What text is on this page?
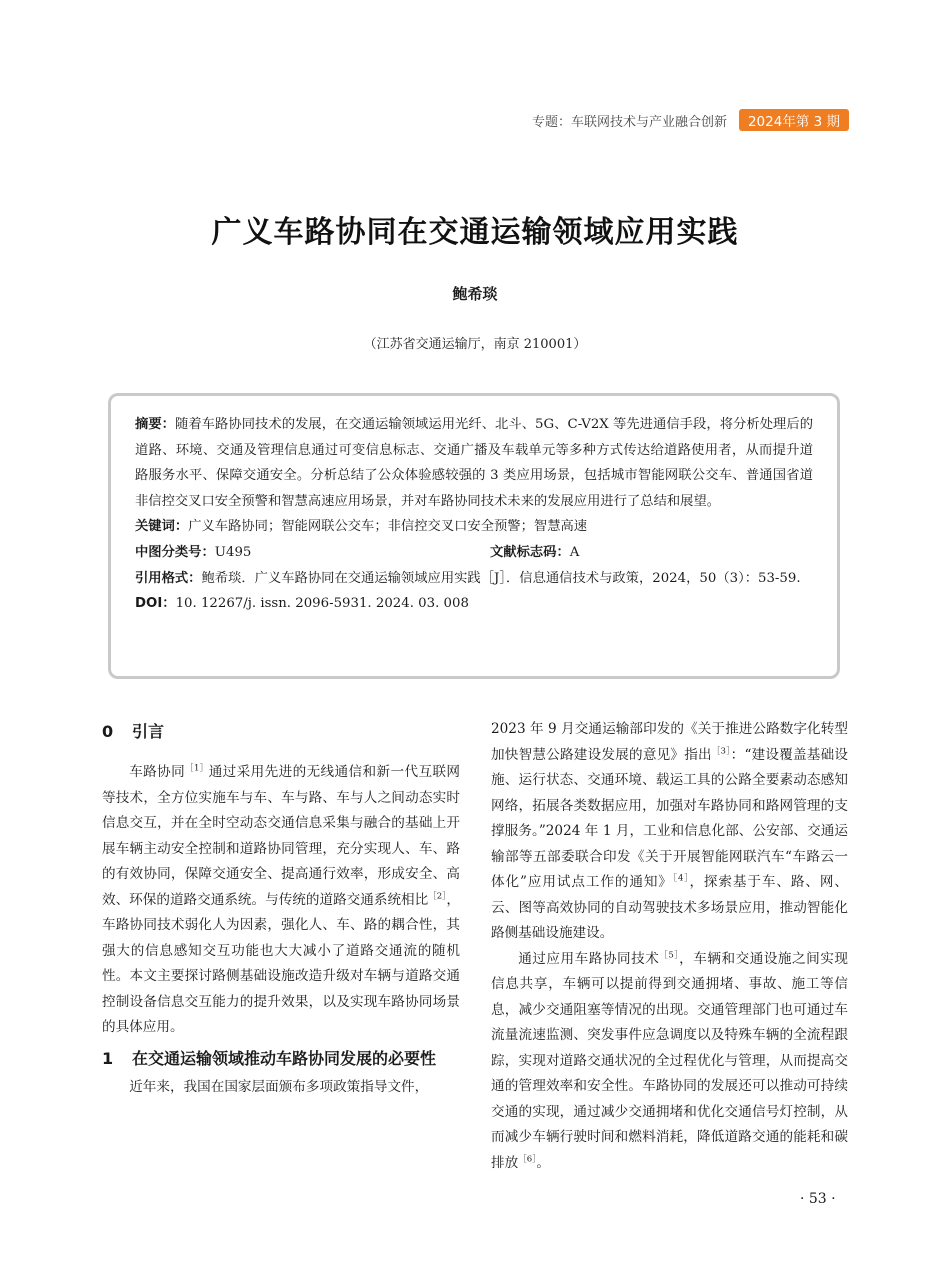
专题：车联网技术与产业融合创新	2024年第 3 期
广义车路协同在交通运输领域应用实践
鲍希琰
（江苏省交通运输厅，南京 210001）

摘要：随着车路协同技术的发展，在交通运输领域运用光纤、北斗、5G、C-V2X 等先进通信手段，将分析处理后的道路、环境、交通及管理信息通过可变信息标志、交通广播及车载单元等多种方式传达给道路使用者，从而提升道路服务水平、保障交通安全。分析总结了公众体验感较强的 3 类应用场景，包括城市智能网联公交车、普通国省道非信控交叉口安全预警和智慧高速应用场景，并对车路协同技术未来的发展应用进行了总结和展望。

关键词：广义车路协同；智能网联公交车；非信控交叉口安全预警；智慧高速

中图分类号：U495	文献标志码：A

引用格式：鲍希琰．广义车路协同在交通运输领域应用实践［J］．信息通信技术与政策，2024，50（3）：53-59.

DOI：10. 12267/j. issn. 2096-5931. 2024. 03. 008

0	引言

车路协同$^{[1]}$通过采用先进的无线通信和新一代互联网等技术，全方位实施车与车、车与路、车与人之间动态实时信息交互，并在全时空动态交通信息采集与融合的基础上开展车辆主动安全控制和道路协同管理，充分实现人、车、路的有效协同，保障交通安全、提高通行效率，形成安全、高效、环保的道路交通系统。与传统的道路交通系统相比$^{[2]}$，车路协同技术弱化人为因素，强化人、车、路的耦合性，其强大的信息感知交互功能也大大减小了道路交通流的随机性。本文主要探讨路侧基础设施改造升级对车辆与道路交通控制设备信息交互能力的提升效果，以及实现车路协同场景的具体应用。

1	在交通运输领域推动车路协同发展的必要性

近年来，我国在国家层面颁布多项政策指导文件，

2023 年 9 月交通运输部印发的《关于推进公路数字化转型加快智慧公路建设发展的意见》指出$^{[3]}$：“建设覆盖基础设施、运行状态、交通环境、载运工具的公路全要素动态感知网络，拓展各类数据应用，加强对车路协同和路网管理的支撑服务。”2024 年 1 月，工业和信息化部、公安部、交通运输部等五部委联合印发《关于开展智能网联汽车“车路云一体化”应用试点工作的通知》$^{[4]}$，探索基于车、路、网、云、图等高效协同的自动驾驶技术多场景应用，推动智能化路侧基础设施建设。

通过应用车路协同技术$^{[5]}$，车辆和交通设施之间实现信息共享，车辆可以提前得到交通拥堵、事故、施工等信息，减少交通阻塞等情况的出现。交通管理部门也可通过车流量流速监测、突发事件应急调度以及特殊车辆的全流程跟踪，实现对道路交通状况的全过程优化与管理，从而提高交通的管理效率和安全性。车路协同的发展还可以推动可持续交通的实现，通过减少交通拥堵和优化交通信号灯控制，从而减少车辆行驶时间和燃料消耗，降低道路交通的能耗和碳排放$^{[6]}$。

· 53 ·
